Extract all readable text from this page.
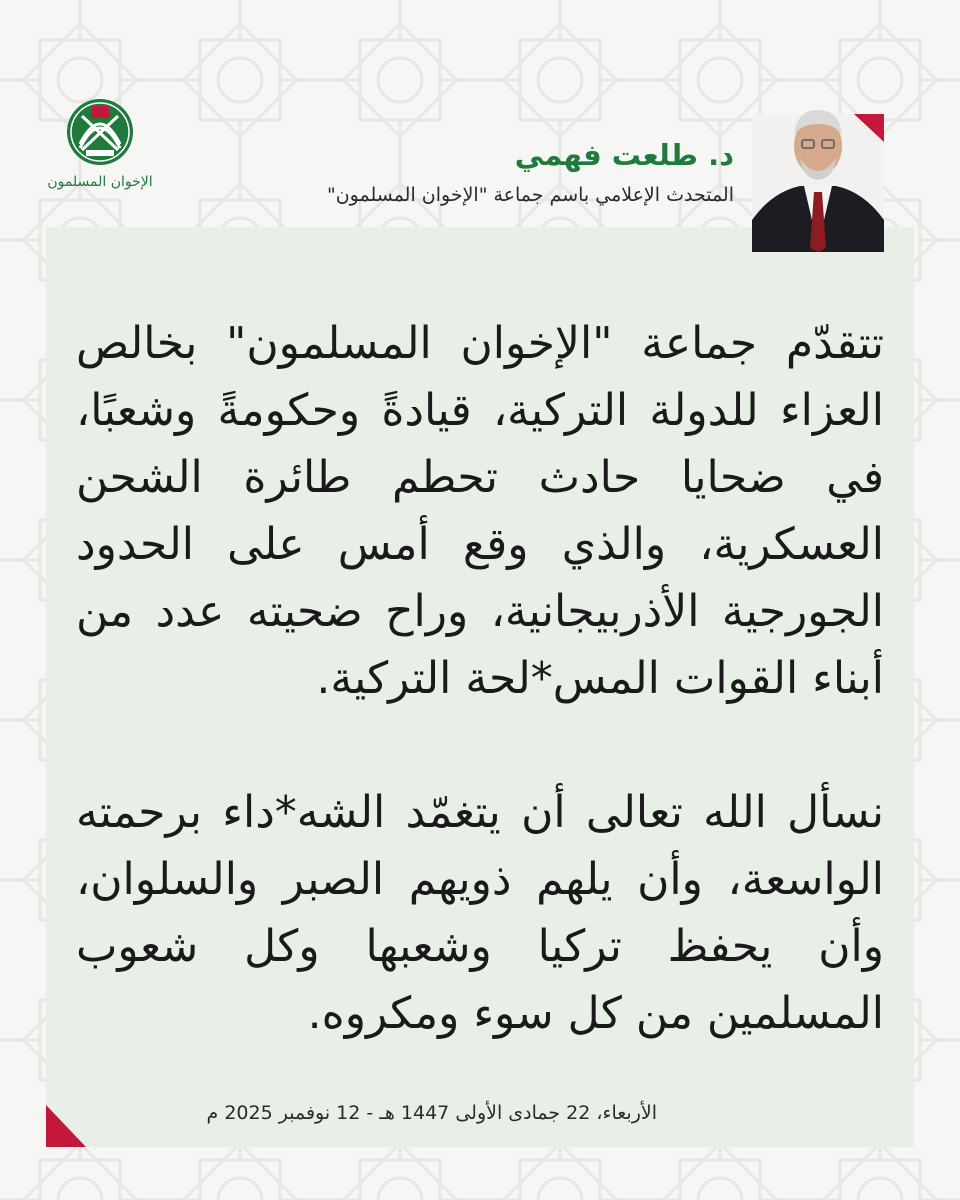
الإخوان المسلمون
د. طلعت فهمي

المتحدث الإعلامي باسم جماعة "الإخوان المسلمون"

تتقدّم جماعة "الإخوان المسلمون" بخالص العزاء للدولة التركية، قيادةً وحكومةً وشعبًا، في ضحايا حادث تحطم طائرة الشحن العسكرية، والذي وقع أمس على الحدود الجورجية الأذربيجانية، وراح ضحيته عدد من أبناء القوات المس*لحة التركية.

نسأل الله تعالى أن يتغمّد الشه*داء برحمته الواسعة، وأن يلهم ذويهم الصبر والسلوان، وأن يحفظ تركيا وشعبها وكل شعوب المسلمين من كل سوء ومكروه.

الأربعاء، 22 جمادى الأولى 1447 هـ - 12 نوفمبر 2025 م
